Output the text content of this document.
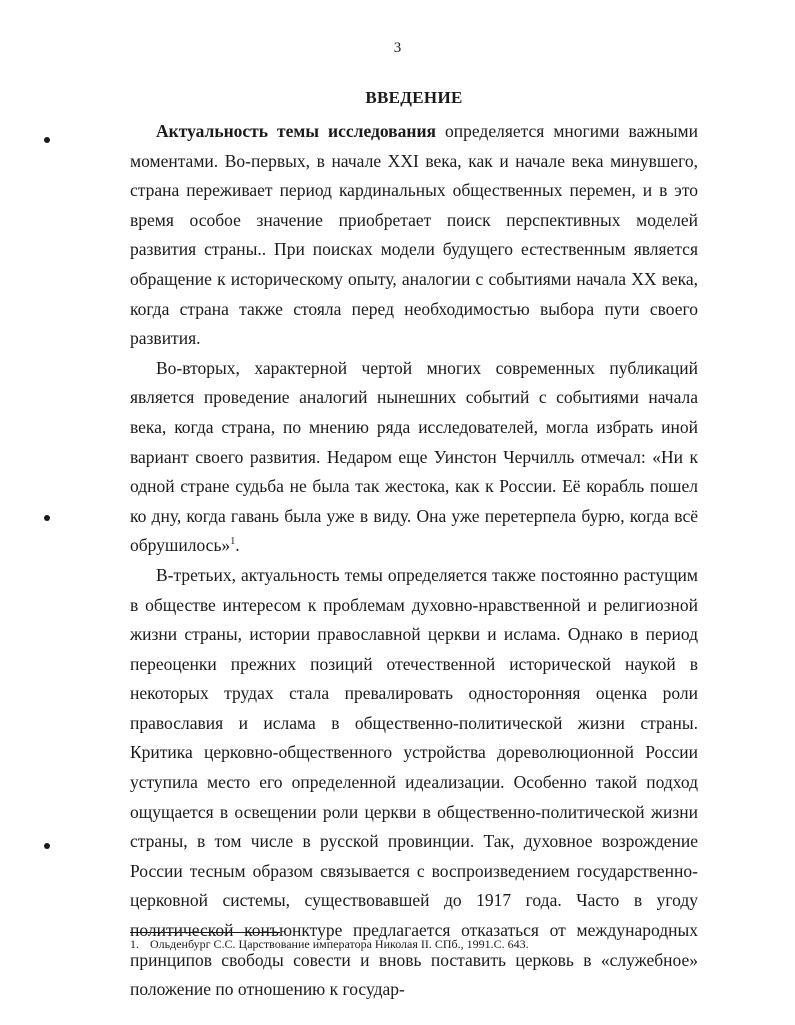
3
ВВЕДЕНИЕ

Актуальность темы исследования определяется многими важными моментами. Во-первых, в начале XXI века, как и начале века минувшего, страна переживает период кардинальных общественных перемен, и в это время особое значение приобретает поиск перспективных моделей развития страны.. При поисках модели будущего естественным является обращение к историческому опыту, аналогии с событиями начала XX века, когда страна также стояла перед необходимостью выбора пути своего развития.

Во-вторых, характерной чертой многих современных публикаций является проведение аналогий нынешних событий с событиями начала века, когда страна, по мнению ряда исследователей, могла избрать иной вариант своего развития. Недаром еще Уинстон Черчилль отмечал: «Ни к одной стране судьба не была так жестока, как к России. Её корабль пошел ко дну, когда гавань была уже в виду. Она уже перетерпела бурю, когда всё обрушилось»$^1$.

В-третьих, актуальность темы определяется также постоянно растущим в обществе интересом к проблемам духовно-нравственной и религиозной жизни страны, истории православной церкви и ислама. Однако в период переоценки прежних позиций отечественной исторической наукой в некоторых трудах стала превалировать односторонняя оценка роли православия и ислама в общественно-политической жизни страны. Критика церковно-общественного устройства дореволюционной России уступила место его определенной идеализации. Особенно такой подход ощущается в освещении роли церкви в общественно-политической жизни страны, в том числе в русской провинции. Так, духовное возрождение России тесным образом связывается с воспроизведением государственно-церковной системы, существовавшей до 1917 года. Часто в угоду политической конъюнктуре предлагается отказаться от международных принципов свободы совести и вновь поставить церковь в «служебное» положение по отношению к государ-

1. Ольденбург С.С. Царствование императора Николая II. СПб., 1991.С. 643.
